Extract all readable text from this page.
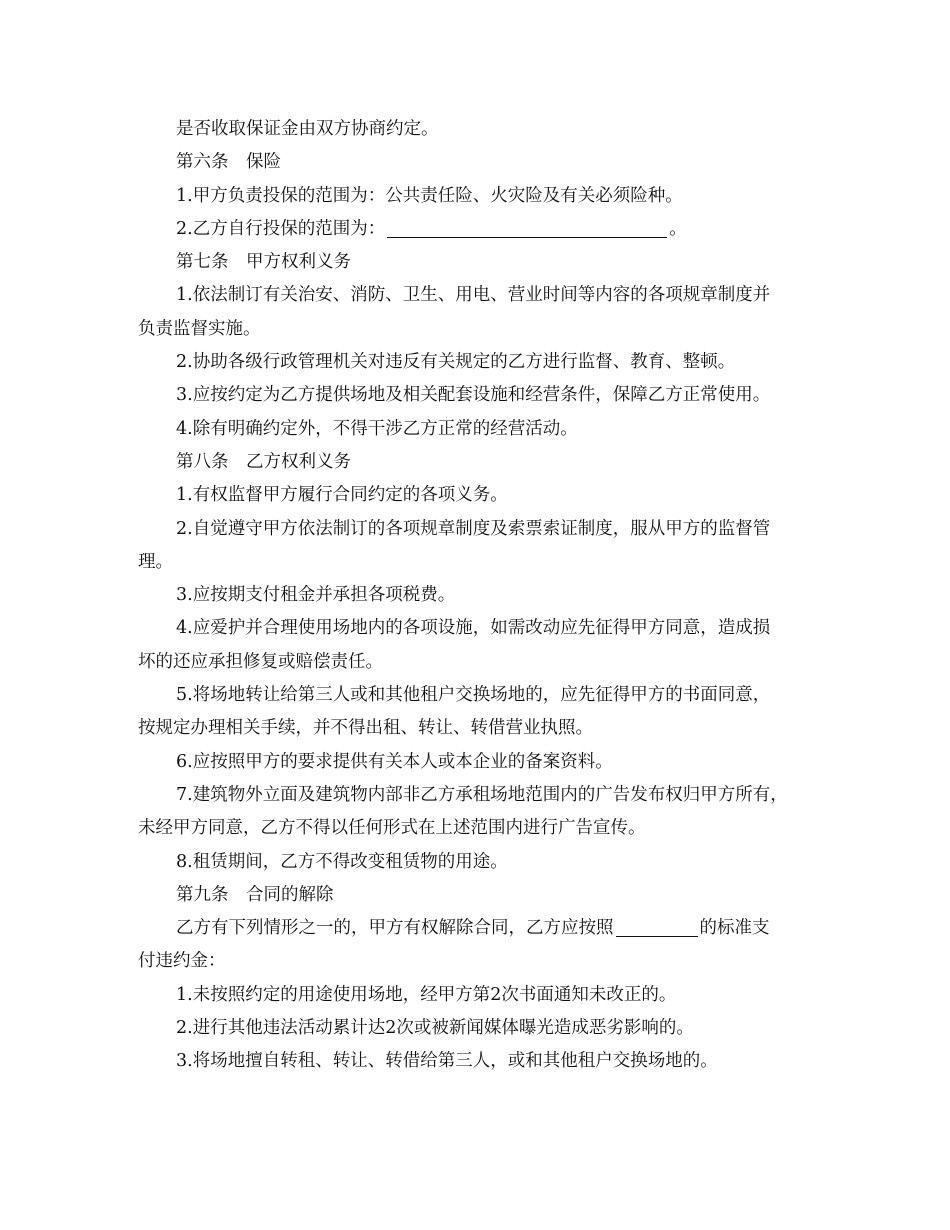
是否收取保证金由双方协商约定。
第六条　保险
1.甲方负责投保的范围为：公共责任险、火灾险及有关必须险种。
2.乙方自行投保的范围为：	。
第七条　甲方权利义务
1.依法制订有关治安、消防、卫生、用电、营业时间等内容的各项规章制度并
负责监督实施。
2.协助各级行政管理机关对违反有关规定的乙方进行监督、教育、整顿。
3.应按约定为乙方提供场地及相关配套设施和经营条件，保障乙方正常使用。
4.除有明确约定外，不得干涉乙方正常的经营活动。
第八条　乙方权利义务
1.有权监督甲方履行合同约定的各项义务。
2.自觉遵守甲方依法制订的各项规章制度及索票索证制度，服从甲方的监督管
理。
3.应按期支付租金并承担各项税费。
4.应爱护并合理使用场地内的各项设施，如需改动应先征得甲方同意，造成损
坏的还应承担修复或赔偿责任。
5.将场地转让给第三人或和其他租户交换场地的，应先征得甲方的书面同意，
按规定办理相关手续，并不得出租、转让、转借营业执照。
6.应按照甲方的要求提供有关本人或本企业的备案资料。
7.建筑物外立面及建筑物内部非乙方承租场地范围内的广告发布权归甲方所有，
未经甲方同意，乙方不得以任何形式在上述范围内进行广告宣传。
8.租赁期间，乙方不得改变租赁物的用途。
第九条　合同的解除
乙方有下列情形之一的，甲方有权解除合同，乙方应按照	的标准支
付违约金：
1.未按照约定的用途使用场地，经甲方第2次书面通知未改正的。
2.进行其他违法活动累计达2次或被新闻媒体曝光造成恶劣影响的。
3.将场地擅自转租、转让、转借给第三人，或和其他租户交换场地的。
